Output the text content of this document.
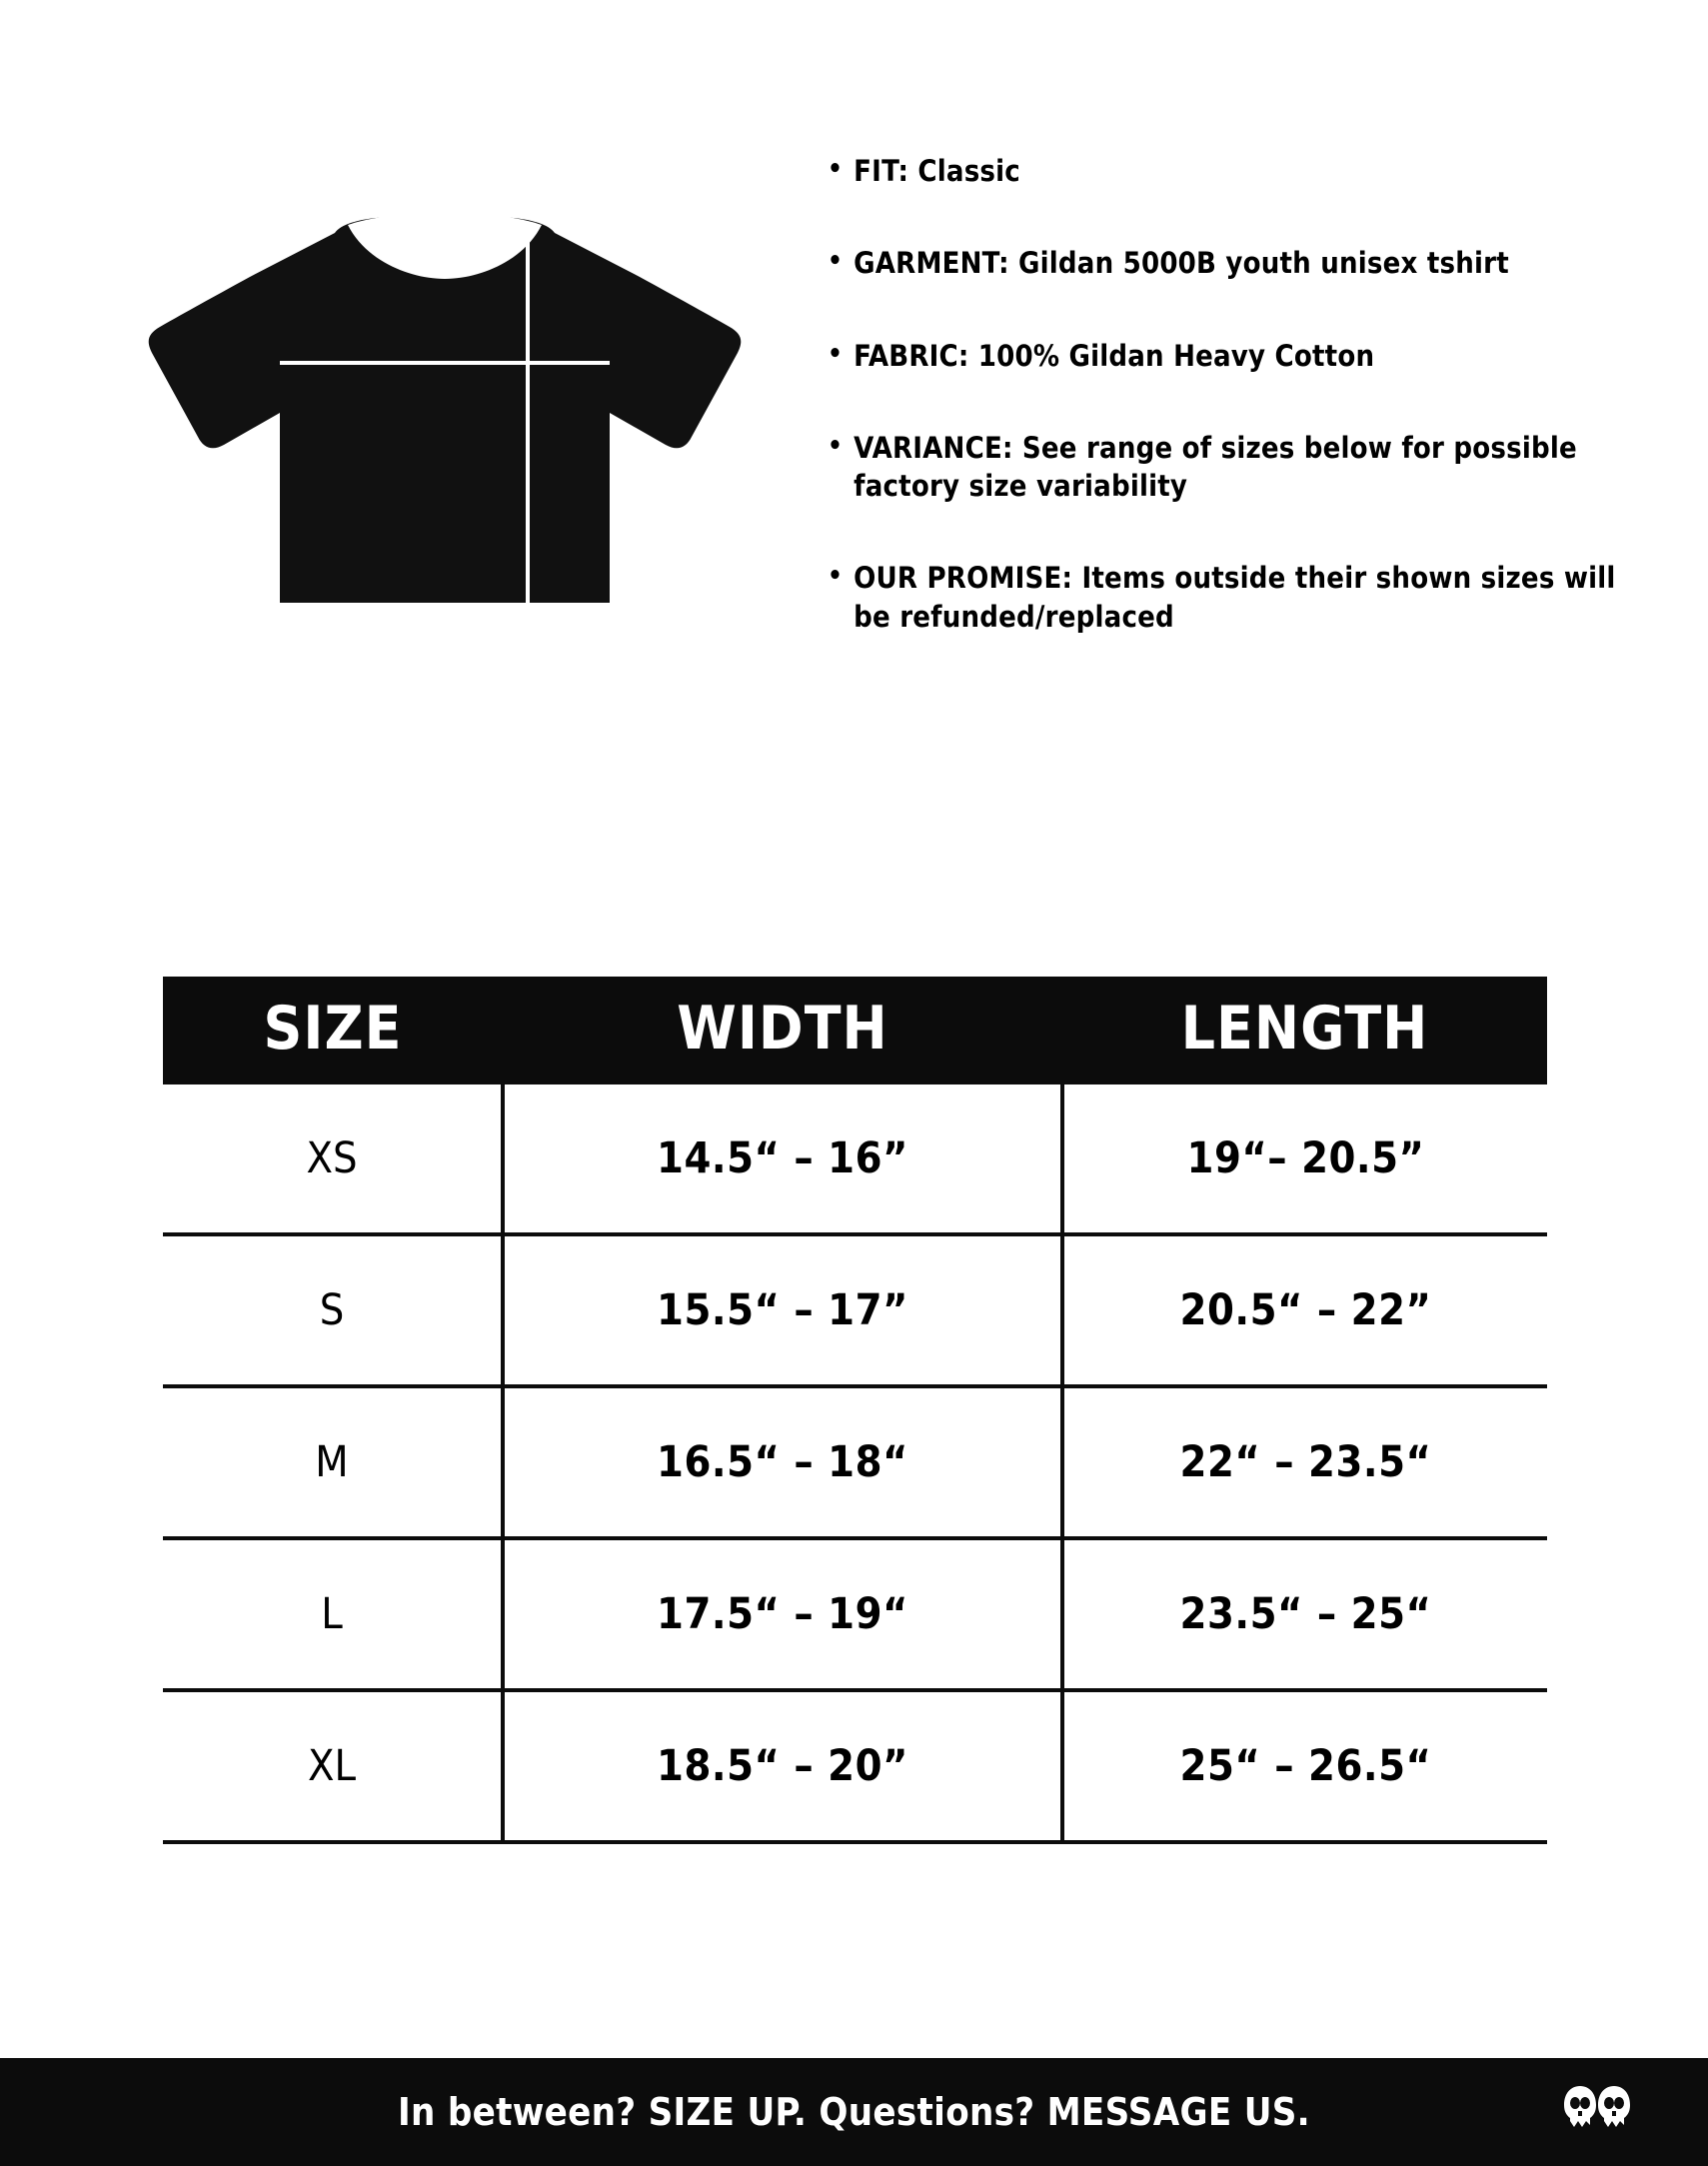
DEADTHREADS
WIDTH
LENGTH
• FIT: Classic
• GARMENT: Gildan 5000B youth unisex tshirt
• FABRIC: 100% Gildan Heavy Cotton
• VARIANCE: See range of sizes below for possible factory size variability
• OUR PROMISE: Items outside their shown sizes will be refunded/replaced
SIZE	WIDTH	LENGTH
XS	14.5“ – 16”	19“– 20.5”
S	15.5“ – 17”	20.5“ – 22”
M	16.5“ – 18“	22“ – 23.5“
L	17.5“ – 19“	23.5“ – 25“
XL	18.5“ – 20”	25“ – 26.5“
In between? SIZE UP. Questions? MESSAGE US.
